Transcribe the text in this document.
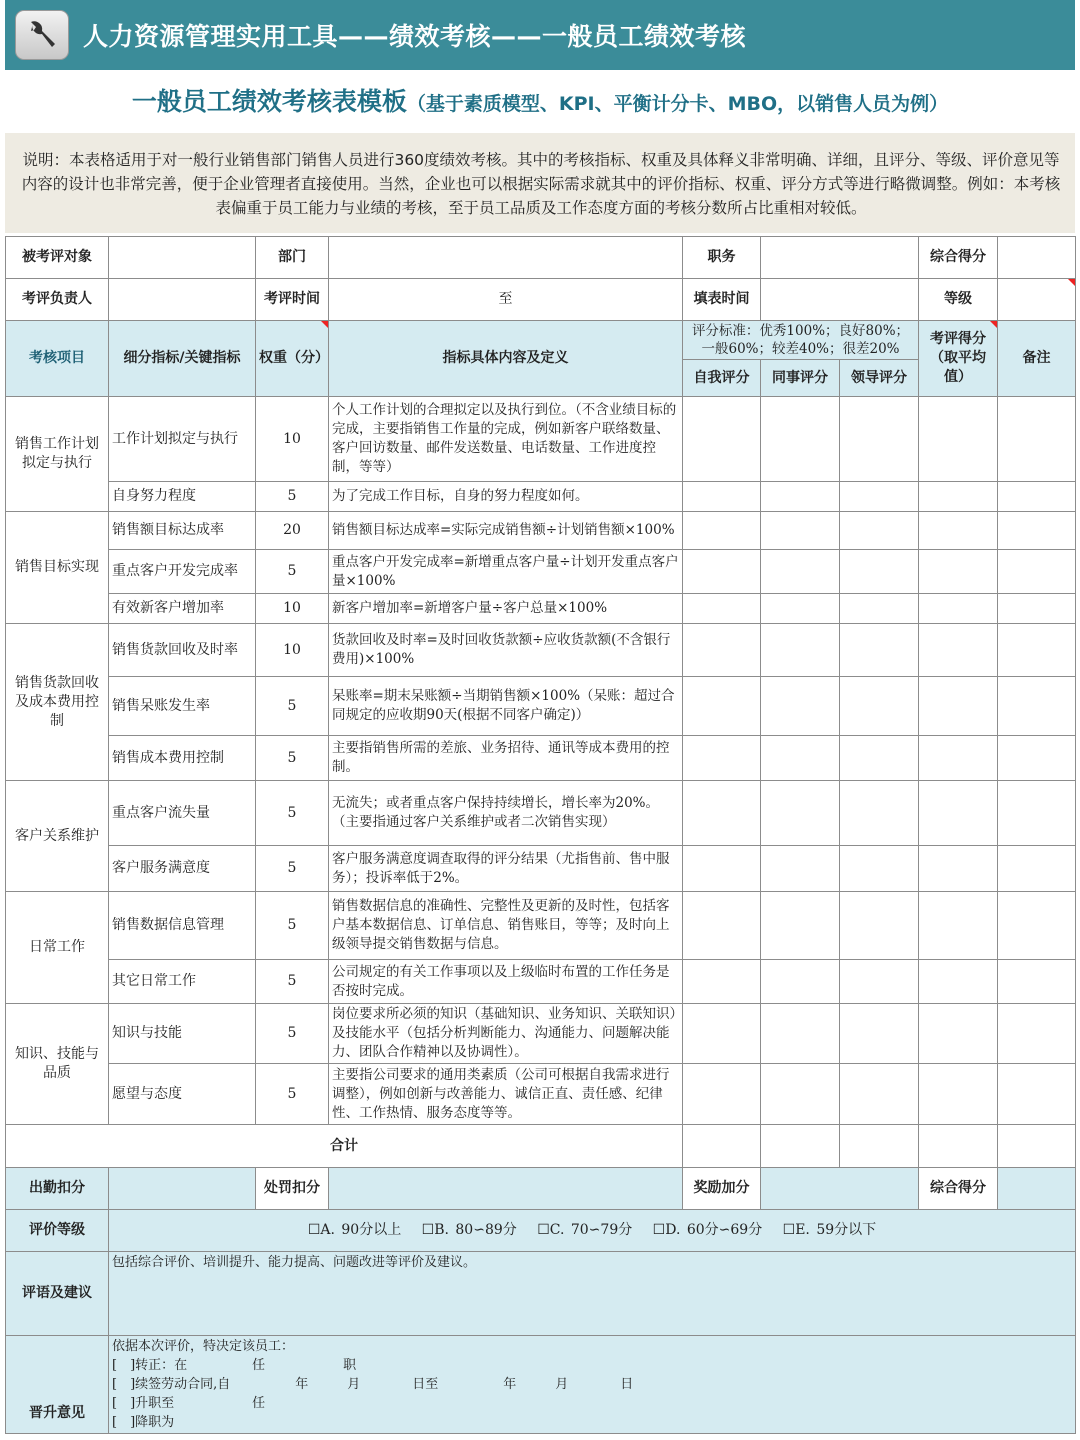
人力资源管理实用工具——绩效考核——一般员工绩效考核
一般员工绩效考核表模板（基于素质模型、KPI、平衡计分卡、MBO，以销售人员为例）
说明：本表格适用于对一般行业销售部门销售人员进行360度绩效考核。其中的考核指标、权重及具体释义非常明确、详细，且评分、等级、评价意见等内容的设计也非常完善，便于企业管理者直接使用。当然，企业也可以根据实际需求就其中的评价指标、权重、评分方式等进行略微调整。例如：本考核表偏重于员工能力与业绩的考核，至于员工品质及工作态度方面的考核分数所占比重相对较低。
被考评对象		部门		职务			综合得分	
考评负责人		考评时间	至	填表时间			等级	
考核项目	细分指标/关键指标	权重（分）	指标具体内容及定义	评分标准：优秀100%；良好80%；一般60%；较差40%；很差20%			考评得分（取平均值）	备注
				自我评分	同事评分	领导评分		
销售工作计划拟定与执行	工作计划拟定与执行	10	个人工作计划的合理拟定以及执行到位。（不含业绩目标的完成，主要指销售工作量的完成，例如新客户联络数量、客户回访数量、邮件发送数量、电话数量、工作进度控制，等等）					
	自身努力程度	5	为了完成工作目标，自身的努力程度如何。					
销售目标实现	销售额目标达成率	20	销售额目标达成率=实际完成销售额÷计划销售额×100%					
	重点客户开发完成率	5	重点客户开发完成率=新增重点客户量÷计划开发重点客户量×100%					
	有效新客户增加率	10	新客户增加率=新增客户量÷客户总量×100%					
销售货款回收及成本费用控制	销售货款回收及时率	10	货款回收及时率=及时回收货款额÷应收货款额(不含银行费用)×100%					
	销售呆账发生率	5	呆账率=期末呆账额÷当期销售额×100%（呆账：超过合同规定的应收期90天(根据不同客户确定)）					
	销售成本费用控制	5	主要指销售所需的差旅、业务招待、通讯等成本费用的控制。					
客户关系维护	重点客户流失量	5	无流失；或者重点客户保持持续增长，增长率为20%。（主要指通过客户关系维护或者二次销售实现）					
	客户服务满意度	5	客户服务满意度调查取得的评分结果（尤指售前、售中服务）；投诉率低于2%。					
日常工作	销售数据信息管理	5	销售数据信息的准确性、完整性及更新的及时性，包括客户基本数据信息、订单信息、销售账目，等等；及时向上级领导提交销售数据与信息。					
	其它日常工作	5	公司规定的有关工作事项以及上级临时布置的工作任务是否按时完成。					
知识、技能与品质	知识与技能	5	岗位要求所必须的知识（基础知识、业务知识、关联知识）及技能水平（包括分析判断能力、沟通能力、问题解决能力、团队合作精神以及协调性）。					
	愿望与态度	5	主要指公司要求的通用类素质（公司可根据自我需求进行调整），例如创新与改善能力、诚信正直、责任感、纪律性、工作热情、服务态度等等。					
合计								
出勤扣分		处罚扣分		奖励加分			综合得分	
评价等级	☐A. 90分以上　 ☐B. 80∽89分　 ☐C. 70∽79分　 ☐D. 60分∽69分　 ☐E. 59分以下							
评语及建议	包括综合评价、培训提升、能力提高、问题改进等评价及建议。							
晋升意见	依据本次评价，特决定该员工：
[　]转正：在　　　　　任　　　　　　职
[　]续签劳动合同,自　　　　　年　　　月　　　　日至　　　　　年　　　月　　　　日
[　]升职至　　　　　　任
[　]降职为							
